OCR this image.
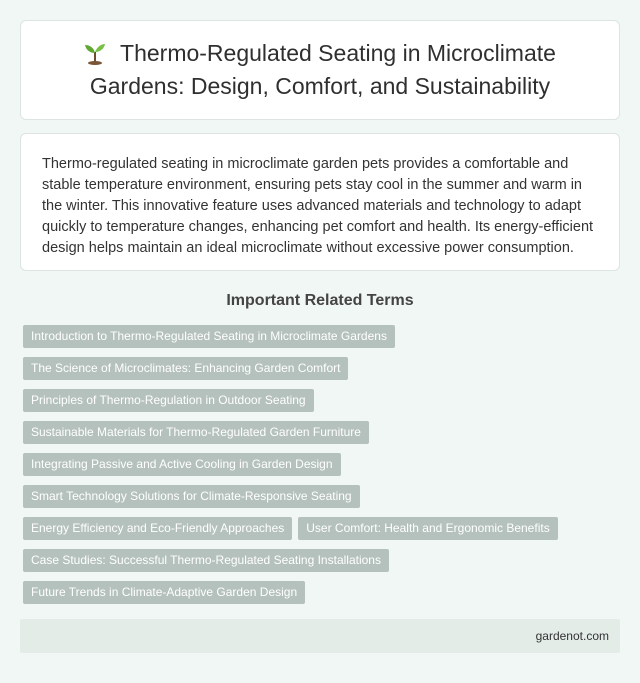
Thermo-Regulated Seating in Microclimate Gardens: Design, Comfort, and Sustainability

Thermo-regulated seating in microclimate garden pets provides a comfortable and stable temperature environment, ensuring pets stay cool in the summer and warm in the winter. This innovative feature uses advanced materials and technology to adapt quickly to temperature changes, enhancing pet comfort and health. Its energy-efficient design helps maintain an ideal microclimate without excessive power consumption.

Important Related Terms
Introduction to Thermo-Regulated Seating in Microclimate Gardens
The Science of Microclimates: Enhancing Garden Comfort
Principles of Thermo-Regulation in Outdoor Seating
Sustainable Materials for Thermo-Regulated Garden Furniture
Integrating Passive and Active Cooling in Garden Design
Smart Technology Solutions for Climate-Responsive Seating
Energy Efficiency and Eco-Friendly Approaches	User Comfort: Health and Ergonomic Benefits
Case Studies: Successful Thermo-Regulated Seating Installations
Future Trends in Climate-Adaptive Garden Design
gardenot.com
